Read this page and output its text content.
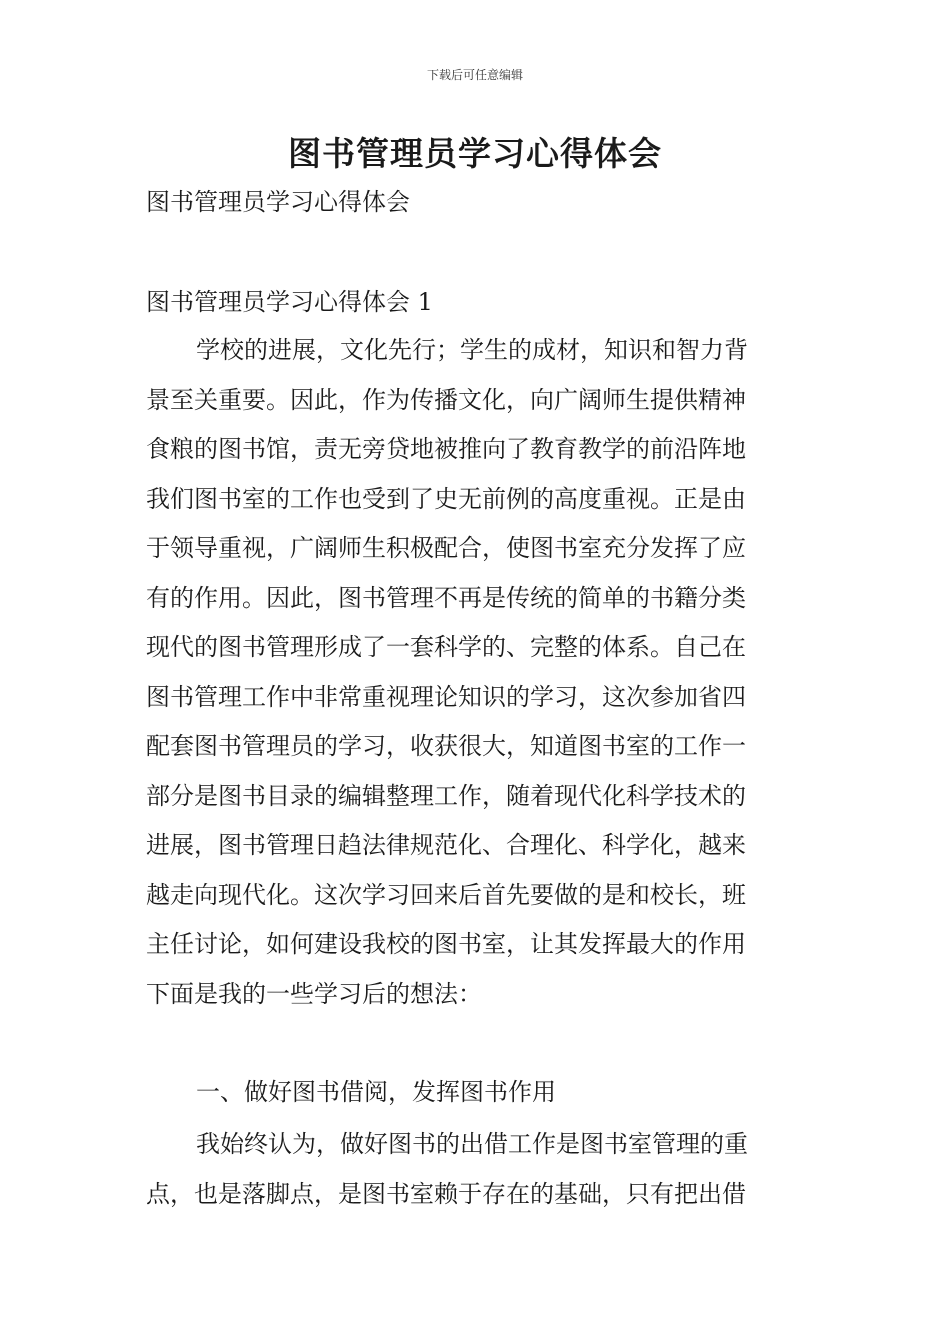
下载后可任意编辑
图书管理员学习心得体会

图书管理员学习心得体会

图书管理员学习心得体会 1

学校的进展，文化先行；学生的成材，知识和智力背
景至关重要。因此，作为传播文化，向广阔师生提供精神
食粮的图书馆，责无旁贷地被推向了教育教学的前沿阵地
我们图书室的工作也受到了史无前例的高度重视。正是由
于领导重视，广阔师生积极配合，使图书室充分发挥了应
有的作用。因此，图书管理不再是传统的简单的书籍分类
现代的图书管理形成了一套科学的、完整的体系。自己在
图书管理工作中非常重视理论知识的学习，这次参加省四
配套图书管理员的学习，收获很大，知道图书室的工作一
部分是图书目录的编辑整理工作，随着现代化科学技术的
进展，图书管理日趋法律规范化、合理化、科学化，越来
越走向现代化。这次学习回来后首先要做的是和校长，班
主任讨论，如何建设我校的图书室，让其发挥最大的作用
下面是我的一些学习后的想法：

一、做好图书借阅，发挥图书作用

我始终认为，做好图书的出借工作是图书室管理的重
点，也是落脚点，是图书室赖于存在的基础，只有把出借
